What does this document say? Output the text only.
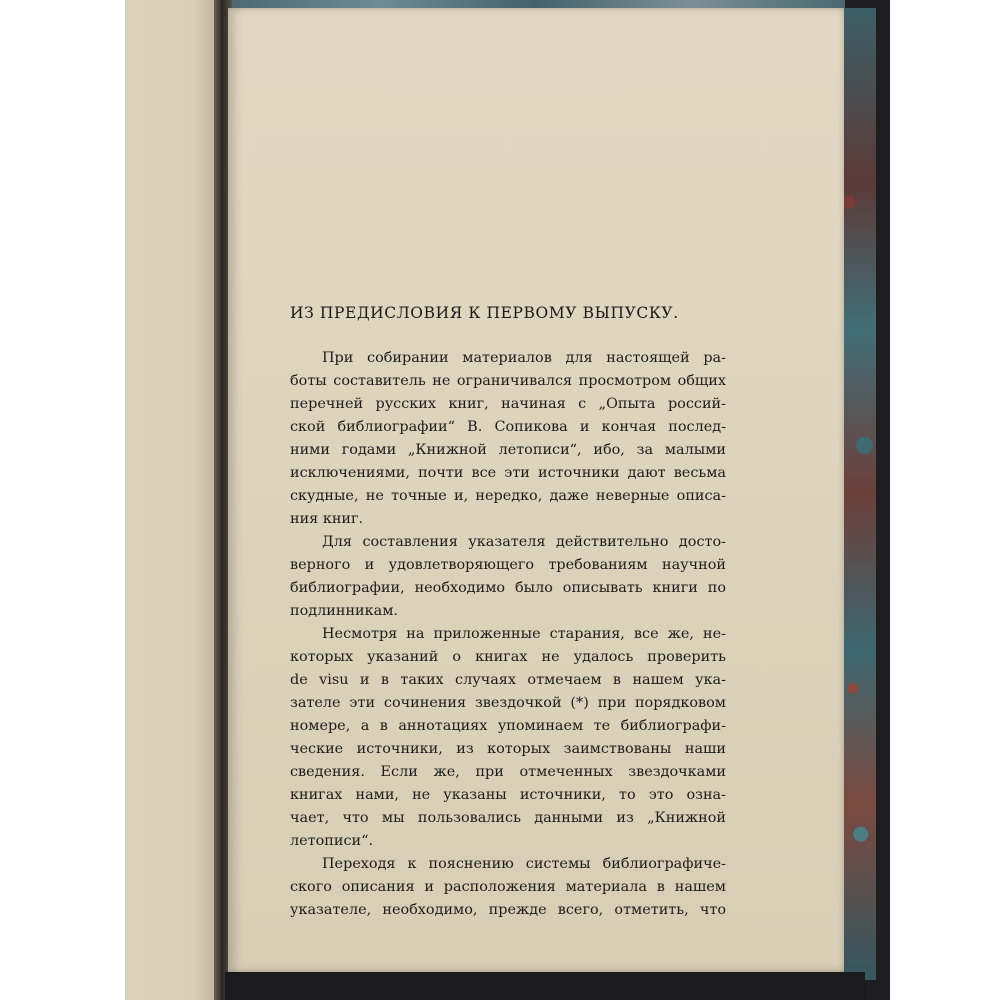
ИЗ ПРЕДИСЛОВИЯ К ПЕРВОМУ ВЫПУСКУ.
При собирании материалов для настоящей ра-
боты составитель не ограничивался просмотром общих
перечней русских книг, начиная с „Опыта россий-
ской библиографии“ В. Сопикова и кончая послед-
ними годами „Книжной летописи“, ибо, за малыми
исключениями, почти все эти источники дают весьма
скудные, не точные и, нередко, даже неверные описа-
ния книг.
Для составления указателя действительно досто-
верного и удовлетворяющего требованиям научной
библиографии, необходимо было описывать книги по
подлинникам.
Несмотря на приложенные старания, все же, не-
которых указаний о книгах не удалось проверить
de visu и в таких случаях отмечаем в нашем ука-
зателе эти сочинения звездочкой (*) при порядковом
номере, а в аннотациях упоминаем те библиографи-
ческие источники, из которых заимствованы наши
сведения. Если же, при отмеченных звездочками
книгах нами, не указаны источники, то это озна-
чает, что мы пользовались данными из „Книжной
летописи“.
Переходя к пояснению системы библиографиче-
ского описания и расположения материала в нашем
указателе, необходимо, прежде всего, отметить, что
